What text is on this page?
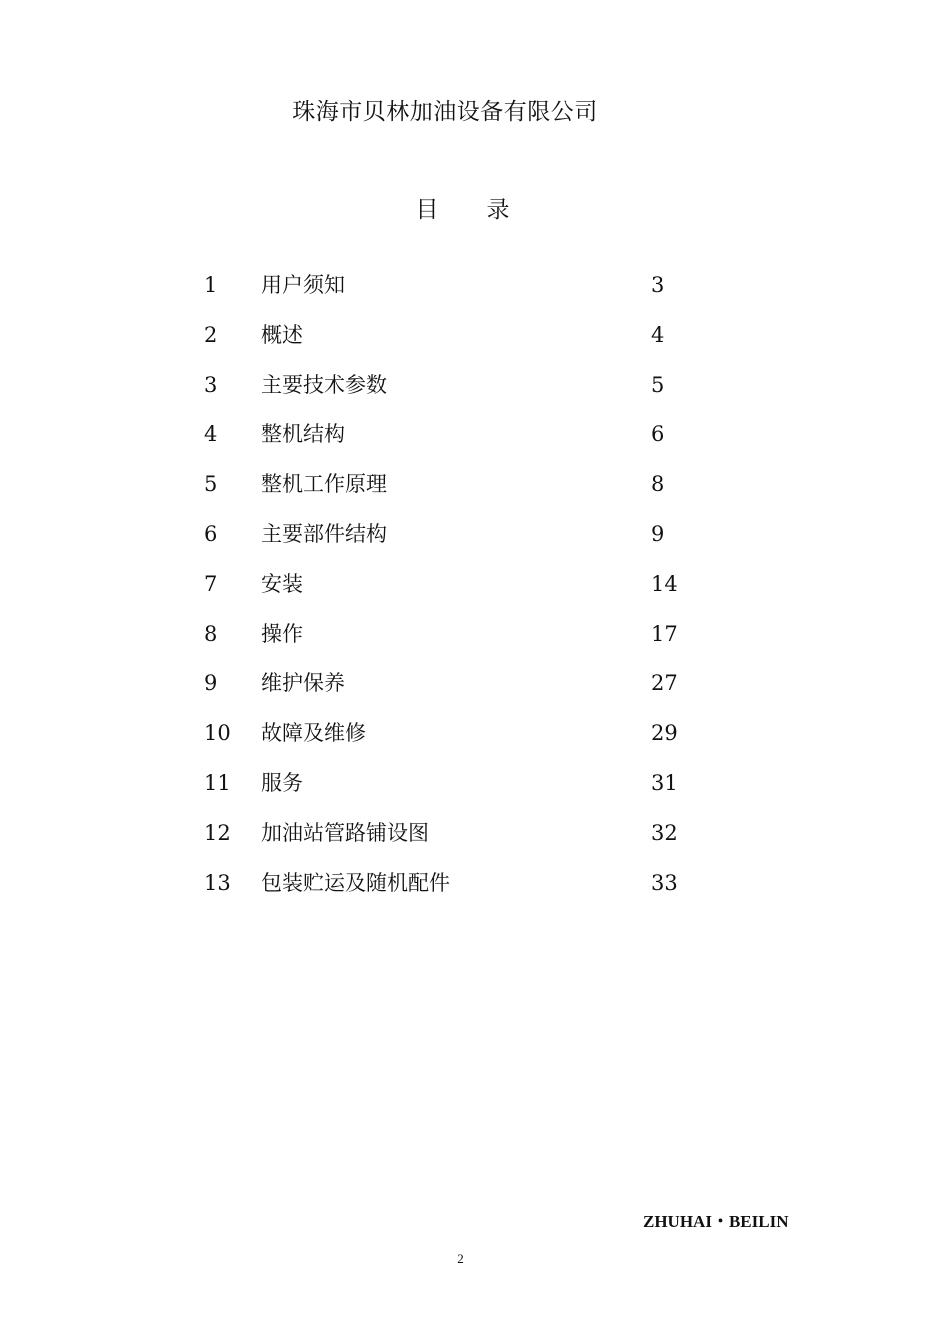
珠海市贝林加油设备有限公司
目录
1 用户须知	3
2 概述	4
3 主要技术参数	5
4 整机结构	6
5 整机工作原理	8
6 主要部件结构	9
7 安装	14
8 操作	17
9 维护保养	27
10 故障及维修	29
11 服务	31
12 加油站管路铺设图	32
13 包装贮运及随机配件	33
ZHUHAI・BEILIN
2
